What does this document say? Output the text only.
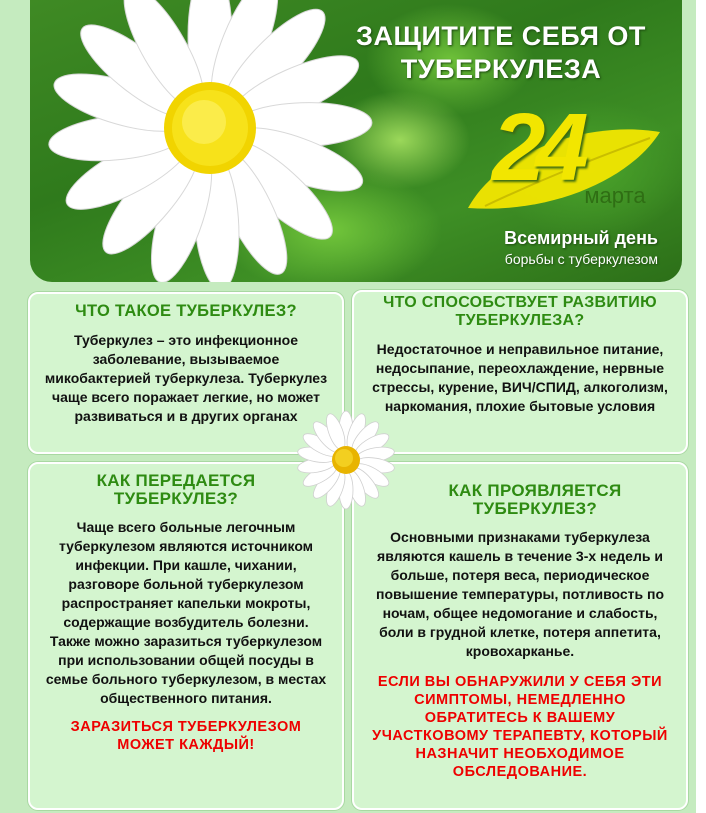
ЗАЩИТИТЕ СЕБЯ ОТ ТУБЕРКУЛЕЗА
24 марта
Всемирный день
борьбы с туберкулезом
ЧТО ТАКОЕ ТУБЕРКУЛЕЗ?

Туберкулез – это инфекционное заболевание, вызываемое микобактерией туберкулеза. Туберкулез чаще всего поражает легкие, но может развиваться и в других органах

ЧТО СПОСОБСТВУЕТ РАЗВИТИЮ ТУБЕРКУЛЕЗА?

Недостаточное и неправильное питание, недосыпание, переохлаждение, нервные стрессы, курение, ВИЧ/СПИД, алкоголизм, наркомания, плохие бытовые условия

КАК ПЕРЕДАЕТСЯ ТУБЕРКУЛЕЗ?

Чаще всего больные легочным туберкулезом являются источником инфекции. При кашле, чихании, разговоре больной туберкулезом распространяет капельки мокроты, содержащие возбудитель болезни. Также можно заразиться туберкулезом при использовании общей посуды в семье больного туберкулезом, в местах общественного питания.

ЗАРАЗИТЬСЯ ТУБЕРКУЛЕЗОМ МОЖЕТ КАЖДЫЙ!
КАК ПРОЯВЛЯЕТСЯ ТУБЕРКУЛЕЗ?

Основными признаками туберкулеза являются кашель в течение 3-х недель и больше, потеря веса, периодическое повышение температуры, потливость по ночам, общее недомогание и слабость, боли в грудной клетке, потеря аппетита, кровохарканье.

ЕСЛИ ВЫ ОБНАРУЖИЛИ У СЕБЯ ЭТИ СИМПТОМЫ, НЕМЕДЛЕННО ОБРАТИТЕСЬ К ВАШЕМУ УЧАСТКОВОМУ ТЕРАПЕВТУ, КОТОРЫЙ НАЗНАЧИТ НЕОБХОДИМОЕ ОБСЛЕДОВАНИЕ.
